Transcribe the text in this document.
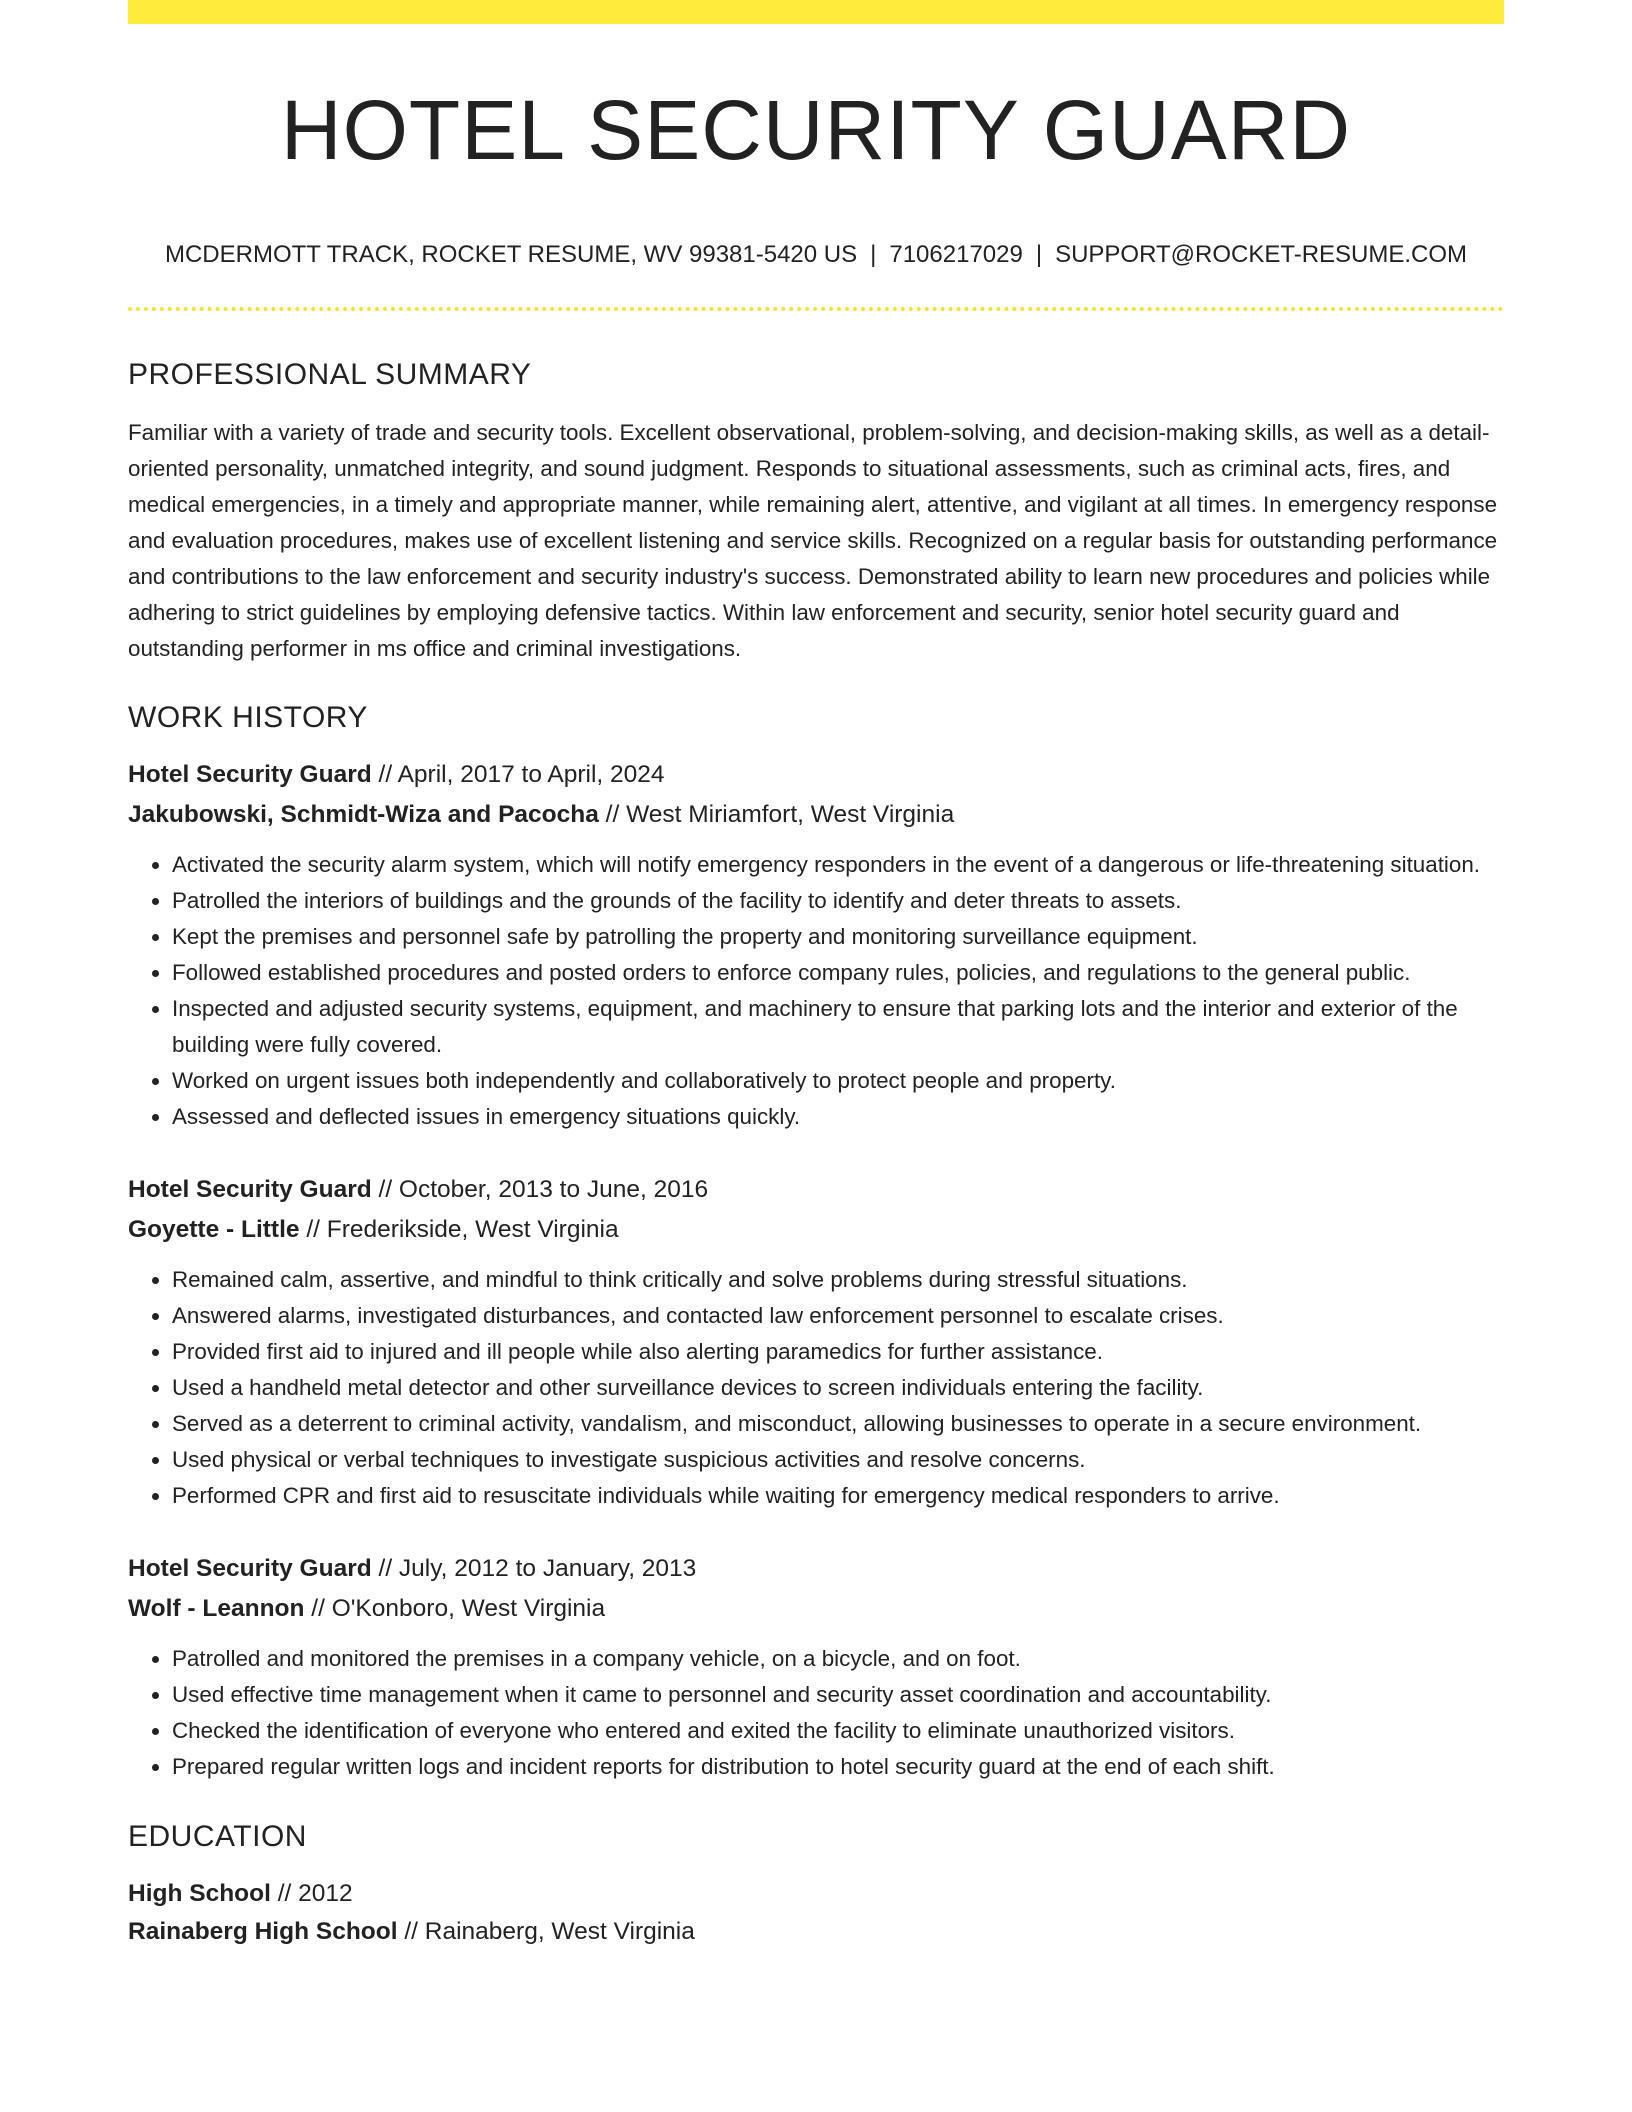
HOTEL SECURITY GUARD
MCDERMOTT TRACK, ROCKET RESUME, WV 99381-5420 US | 7106217029 | SUPPORT@ROCKET-RESUME.COM
PROFESSIONAL SUMMARY

Familiar with a variety of trade and security tools. Excellent observational, problem-solving, and decision-making skills, as well as a detail-oriented personality, unmatched integrity, and sound judgment. Responds to situational assessments, such as criminal acts, fires, and medical emergencies, in a timely and appropriate manner, while remaining alert, attentive, and vigilant at all times. In emergency response and evaluation procedures, makes use of excellent listening and service skills. Recognized on a regular basis for outstanding performance and contributions to the law enforcement and security industry's success. Demonstrated ability to learn new procedures and policies while adhering to strict guidelines by employing defensive tactics. Within law enforcement and security, senior hotel security guard and outstanding performer in ms office and criminal investigations.

WORK HISTORY
Hotel Security Guard // April, 2017 to April, 2024
Jakubowski, Schmidt-Wiza and Pacocha // West Miriamfort, West Virginia
• Activated the security alarm system, which will notify emergency responders in the event of a dangerous or life-threatening situation.
• Patrolled the interiors of buildings and the grounds of the facility to identify and deter threats to assets.
• Kept the premises and personnel safe by patrolling the property and monitoring surveillance equipment.
• Followed established procedures and posted orders to enforce company rules, policies, and regulations to the general public.
• Inspected and adjusted security systems, equipment, and machinery to ensure that parking lots and the interior and exterior of the building were fully covered.
• Worked on urgent issues both independently and collaboratively to protect people and property.
• Assessed and deflected issues in emergency situations quickly.
Hotel Security Guard // October, 2013 to June, 2016
Goyette - Little // Frederikside, West Virginia
• Remained calm, assertive, and mindful to think critically and solve problems during stressful situations.
• Answered alarms, investigated disturbances, and contacted law enforcement personnel to escalate crises.
• Provided first aid to injured and ill people while also alerting paramedics for further assistance.
• Used a handheld metal detector and other surveillance devices to screen individuals entering the facility.
• Served as a deterrent to criminal activity, vandalism, and misconduct, allowing businesses to operate in a secure environment.
• Used physical or verbal techniques to investigate suspicious activities and resolve concerns.
• Performed CPR and first aid to resuscitate individuals while waiting for emergency medical responders to arrive.
Hotel Security Guard // July, 2012 to January, 2013
Wolf - Leannon // O'Konboro, West Virginia
• Patrolled and monitored the premises in a company vehicle, on a bicycle, and on foot.
• Used effective time management when it came to personnel and security asset coordination and accountability.
• Checked the identification of everyone who entered and exited the facility to eliminate unauthorized visitors.
• Prepared regular written logs and incident reports for distribution to hotel security guard at the end of each shift.
EDUCATION
High School // 2012
Rainaberg High School // Rainaberg, West Virginia
